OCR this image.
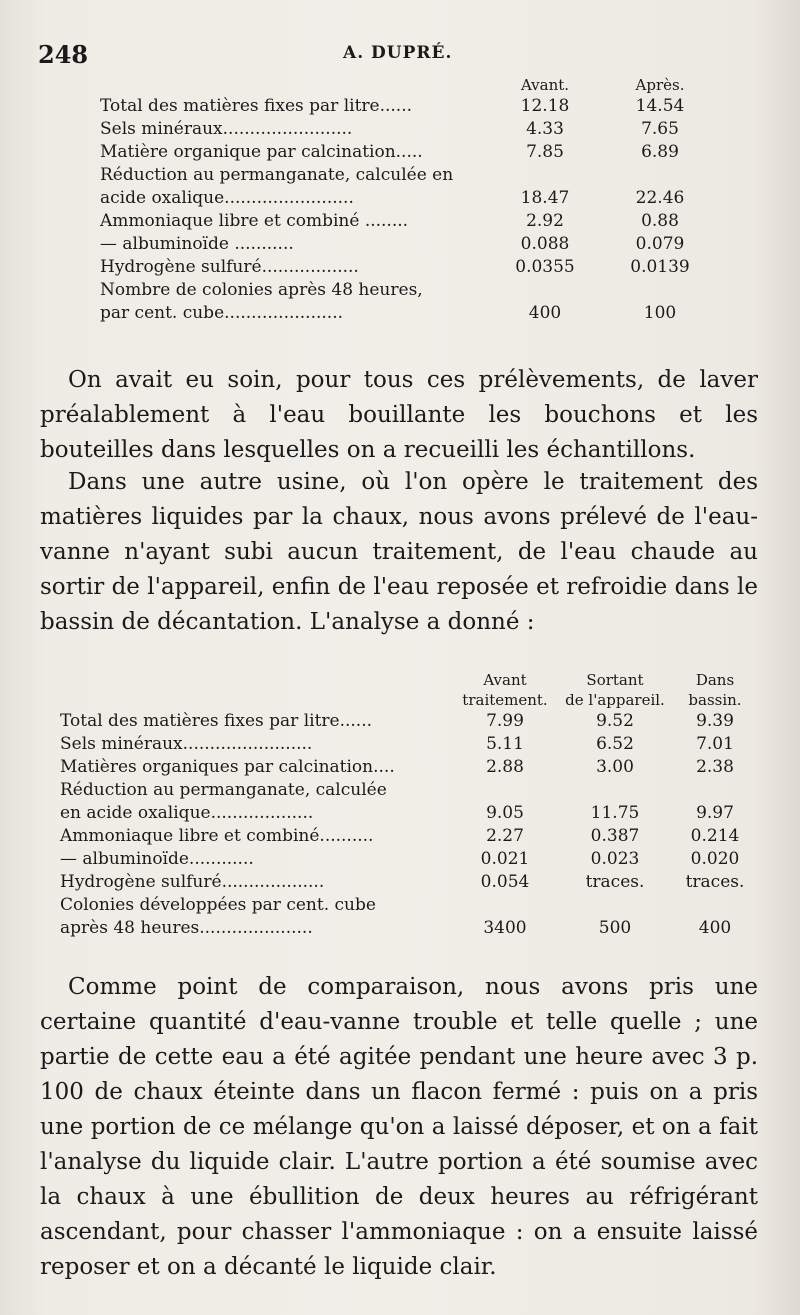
248	A. DUPRÉ.
	Avant.	Après.
Total des matières fixes par litre......	12.18	14.54
Sels minéraux........................	4.33	7.65
Matière organique par calcination.....	7.85	6.89
Réduction au permanganate, calculée en		
acide oxalique........................	18.47	22.46
Ammoniaque libre et combiné ........	2.92	0.88
— albuminoïde ...........	0.088	0.079
Hydrogène sulfuré..................	0.0355	0.0139
Nombre de colonies après 48 heures,		
par cent. cube......................	400	100

On avait eu soin, pour tous ces prélèvements, de laver préalablement à l'eau bouillante les bouchons et les bouteilles dans lesquelles on a recueilli les échantillons.

Dans une autre usine, où l'on opère le traitement des matières liquides par la chaux, nous avons prélevé de l'eau-vanne n'ayant subi aucun traitement, de l'eau chaude au sortir de l'appareil, enfin de l'eau reposée et refroidie dans le bassin de décantation. L'analyse a donné :

	Avant	Sortant	Dans
	traitement.	de l'appareil.	bassin.
Total des matières fixes par litre......	7.99	9.52	9.39
Sels minéraux........................	5.11	6.52	7.01
Matières organiques par calcination....	2.88	3.00	2.38
Réduction au permanganate, calculée			
en acide oxalique...................	9.05	11.75	9.97
Ammoniaque libre et combiné..........	2.27	0.387	0.214
— albuminoïde............	0.021	0.023	0.020
Hydrogène sulfuré...................	0.054	traces.	traces.
Colonies développées par cent. cube			
après 48 heures.....................	3400	500	400

Comme point de comparaison, nous avons pris une certaine quantité d'eau-vanne trouble et telle quelle ; une partie de cette eau a été agitée pendant une heure avec 3 p. 100 de chaux éteinte dans un flacon fermé : puis on a pris une portion de ce mélange qu'on a laissé déposer, et on a fait l'analyse du liquide clair. L'autre portion a été soumise avec la chaux à une ébullition de deux heures au réfrigérant ascendant, pour chasser l'ammoniaque : on a ensuite laissé reposer et on a décanté le liquide clair.
